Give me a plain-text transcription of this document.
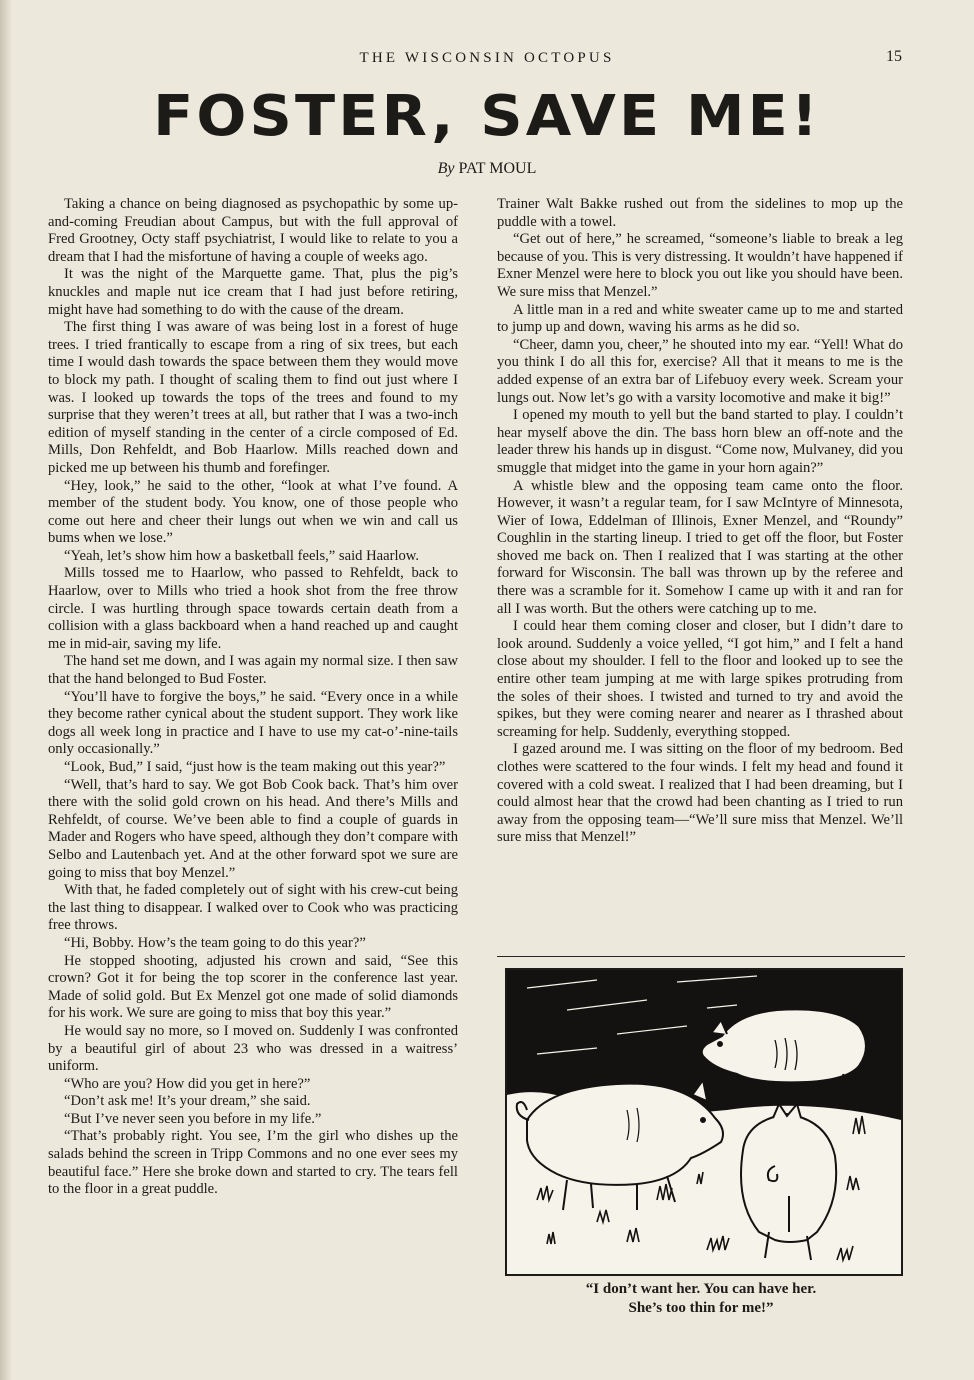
THE WISCONSIN OCTOPUS	15
FOSTER, SAVE ME!
By PAT MOUL

Taking a chance on being diagnosed as psychopathic by some up-and-coming Freudian about Campus, but with the full approval of Fred Grootney, Octy staff psychiatrist, I would like to relate to you a dream that I had the misfortune of having a couple of weeks ago.

It was the night of the Marquette game. That, plus the pig’s knuckles and maple nut ice cream that I had just before retiring, might have had something to do with the cause of the dream.

The first thing I was aware of was being lost in a forest of huge trees. I tried frantically to escape from a ring of six trees, but each time I would dash towards the space between them they would move to block my path. I thought of scaling them to find out just where I was. I looked up towards the tops of the trees and found to my surprise that they weren’t trees at all, but rather that I was a two-inch edition of myself standing in the center of a circle composed of Ed. Mills, Don Rehfeldt, and Bob Haarlow. Mills reached down and picked me up between his thumb and forefinger.

“Hey, look,” he said to the other, “look at what I’ve found. A member of the student body. You know, one of those people who come out here and cheer their lungs out when we win and call us bums when we lose.”

“Yeah, let’s show him how a basketball feels,” said Haarlow.

Mills tossed me to Haarlow, who passed to Rehfeldt, back to Haarlow, over to Mills who tried a hook shot from the free throw circle. I was hurtling through space towards certain death from a collision with a glass backboard when a hand reached up and caught me in mid-air, saving my life.

The hand set me down, and I was again my normal size. I then saw that the hand belonged to Bud Foster.

“You’ll have to forgive the boys,” he said. “Every once in a while they become rather cynical about the student support. They work like dogs all week long in practice and I have to use my cat-o’-nine-tails only occasionally.”

“Look, Bud,” I said, “just how is the team making out this year?”

“Well, that’s hard to say. We got Bob Cook back. That’s him over there with the solid gold crown on his head. And there’s Mills and Rehfeldt, of course. We’ve been able to find a couple of guards in Mader and Rogers who have speed, although they don’t compare with Selbo and Lautenbach yet. And at the other forward spot we sure are going to miss that boy Menzel.”

With that, he faded completely out of sight with his crew-cut being the last thing to disappear. I walked over to Cook who was practicing free throws.

“Hi, Bobby. How’s the team going to do this year?”

He stopped shooting, adjusted his crown and said, “See this crown? Got it for being the top scorer in the conference last year. Made of solid gold. But Ex Menzel got one made of solid diamonds for his work. We sure are going to miss that boy this year.”

He would say no more, so I moved on. Suddenly I was confronted by a beautiful girl of about 23 who was dressed in a waitress’ uniform.

“Who are you? How did you get in here?”

“Don’t ask me! It’s your dream,” she said.

“But I’ve never seen you before in my life.”

“That’s probably right. You see, I’m the girl who dishes up the salads behind the screen in Tripp Commons and no one ever sees my beautiful face.” Here she broke down and started to cry. The tears fell to the floor in a great puddle.

Trainer Walt Bakke rushed out from the sidelines to mop up the puddle with a towel.

“Get out of here,” he screamed, “someone’s liable to break a leg because of you. This is very distressing. It wouldn’t have happened if Exner Menzel were here to block you out like you should have been. We sure miss that Menzel.”

A little man in a red and white sweater came up to me and started to jump up and down, waving his arms as he did so.

“Cheer, damn you, cheer,” he shouted into my ear. “Yell! What do you think I do all this for, exercise? All that it means to me is the added expense of an extra bar of Lifebuoy every week. Scream your lungs out. Now let’s go with a varsity locomotive and make it big!”

I opened my mouth to yell but the band started to play. I couldn’t hear myself above the din. The bass horn blew an off-note and the leader threw his hands up in disgust. “Come now, Mulvaney, did you smuggle that midget into the game in your horn again?”

A whistle blew and the opposing team came onto the floor. However, it wasn’t a regular team, for I saw McIntyre of Minnesota, Wier of Iowa, Eddelman of Illinois, Exner Menzel, and “Roundy” Coughlin in the starting lineup. I tried to get off the floor, but Foster shoved me back on. Then I realized that I was starting at the other forward for Wisconsin. The ball was thrown up by the referee and there was a scramble for it. Somehow I came up with it and ran for all I was worth. But the others were catching up to me.

I could hear them coming closer and closer, but I didn’t dare to look around. Suddenly a voice yelled, “I got him,” and I felt a hand close about my shoulder. I fell to the floor and looked up to see the entire other team jumping at me with large spikes protruding from the soles of their shoes. I twisted and turned to try and avoid the spikes, but they were coming nearer and nearer as I thrashed about screaming for help. Suddenly, everything stopped.

I gazed around me. I was sitting on the floor of my bedroom. Bed clothes were scattered to the four winds. I felt my head and found it covered with a cold sweat. I realized that I had been dreaming, but I could almost hear that the crowd had been chanting as I tried to run away from the opposing team—“We’ll sure miss that Menzel. We’ll sure miss that Menzel!”

“I don’t want her. You can have her.
She’s too thin for me!”
